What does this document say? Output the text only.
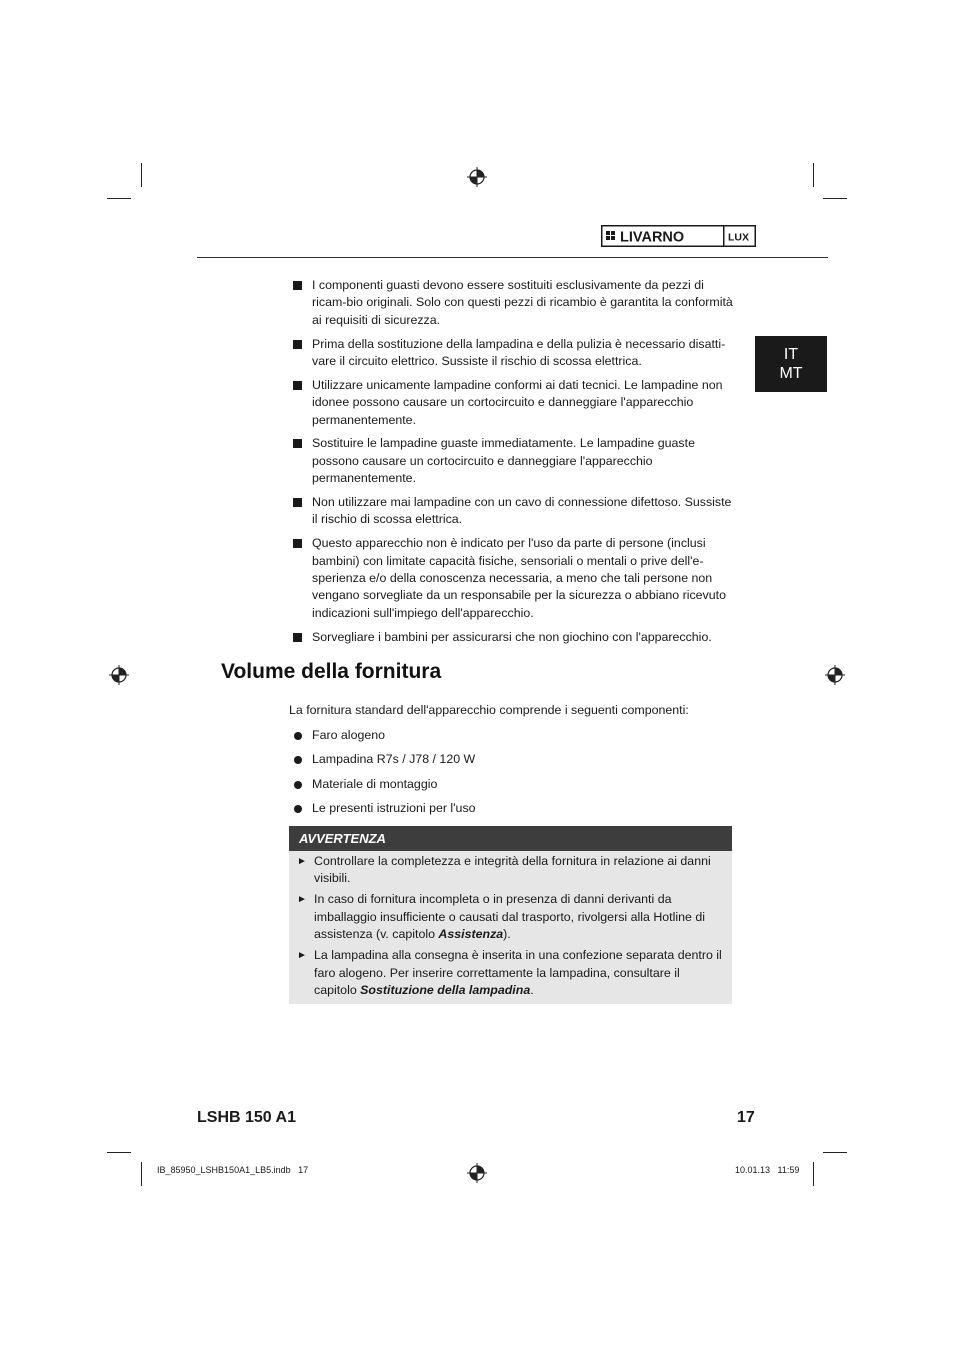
LIVARNO	LUX
IT
MT
I componenti guasti devono essere sostituiti esclusivamente da pezzi di ricam-bio originali. Solo con questi pezzi di ricambio è garantita la conformità ai requisiti di sicurezza.
Prima della sostituzione della lampadina e della pulizia è necessario disatti-vare il circuito elettrico. Sussiste il rischio di scossa elettrica.
Utilizzare unicamente lampadine conformi ai dati tecnici. Le lampadine non idonee possono causare un cortocircuito e danneggiare l'apparecchio permanentemente.
Sostituire le lampadine guaste immediatamente. Le lampadine guaste possono causare un cortocircuito e danneggiare l'apparecchio permanentemente.
Non utilizzare mai lampadine con un cavo di connessione difettoso. Sussiste il rischio di scossa elettrica.
Questo apparecchio non è indicato per l'uso da parte di persone (inclusi bambini) con limitate capacità fisiche, sensoriali o mentali o prive dell'e-sperienza e/o della conoscenza necessaria, a meno che tali persone non vengano sorvegliate da un responsabile per la sicurezza o abbiano ricevuto indicazioni sull'impiego dell'apparecchio.
Sorvegliare i bambini per assicurarsi che non giochino con l'apparecchio.
Volume della fornitura

La fornitura standard dell'apparecchio comprende i seguenti componenti:

Faro alogeno
Lampadina R7s / J78 / 120 W
Materiale di montaggio
Le presenti istruzioni per l'uso
AVVERTENZA
► Controllare la completezza e integrità della fornitura in relazione ai danni visibili.
► In caso di fornitura incompleta o in presenza di danni derivanti da imballaggio insufficiente o causati dal trasporto, rivolgersi alla Hotline di assistenza (v. capitolo Assistenza).
► La lampadina alla consegna è inserita in una confezione separata dentro il faro alogeno. Per inserire correttamente la lampadina, consultare il capitolo Sostituzione della lampadina.
LSHB 150 A1	17
IB_85950_LSHB150A1_LB5.indb   17	10.01.13   11:59
